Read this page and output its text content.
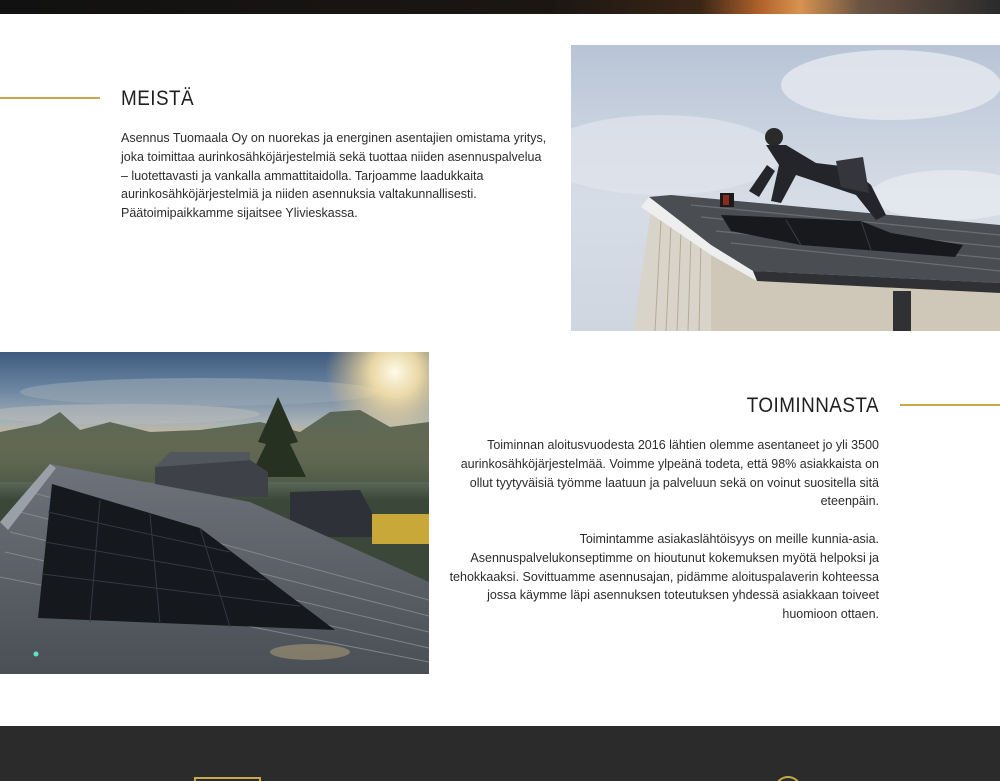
MEISTÄ

Asennus Tuomaala Oy on nuorekas ja energinen asentajien omistama yritys, joka toimittaa aurinkosähköjärjestelmiä sekä tuottaa niiden asennuspalvelua – luotettavasti ja vankalla ammattitaidolla. Tarjoamme laadukkaita aurinkosähköjärjestelmiä ja niiden asennuksia valtakunnallisesti. Päätoimipaikkamme sijaitsee Ylivieskassa.

TOIMINNASTA

Toiminnan aloitusvuodesta 2016 lähtien olemme asentaneet jo yli 3500 aurinkosähköjärjestelmää. Voimme ylpeänä todeta, että 98% asiakkaista on ollut tyytyväisiä työmme laatuun ja palveluun sekä on voinut suositella sitä eteenpäin.

Toimintamme asiakaslähtöisyys on meille kunnia-asia. Asennuspalvelukonseptimme on hioutunut kokemuksen myötä helpoksi ja tehokkaaksi. Sovittuamme asennusajan, pidämme aloituspalaverin kohteessa jossa käymme läpi asennuksen toteutuksen yhdessä asiakkaan toiveet huomioon ottaen.
